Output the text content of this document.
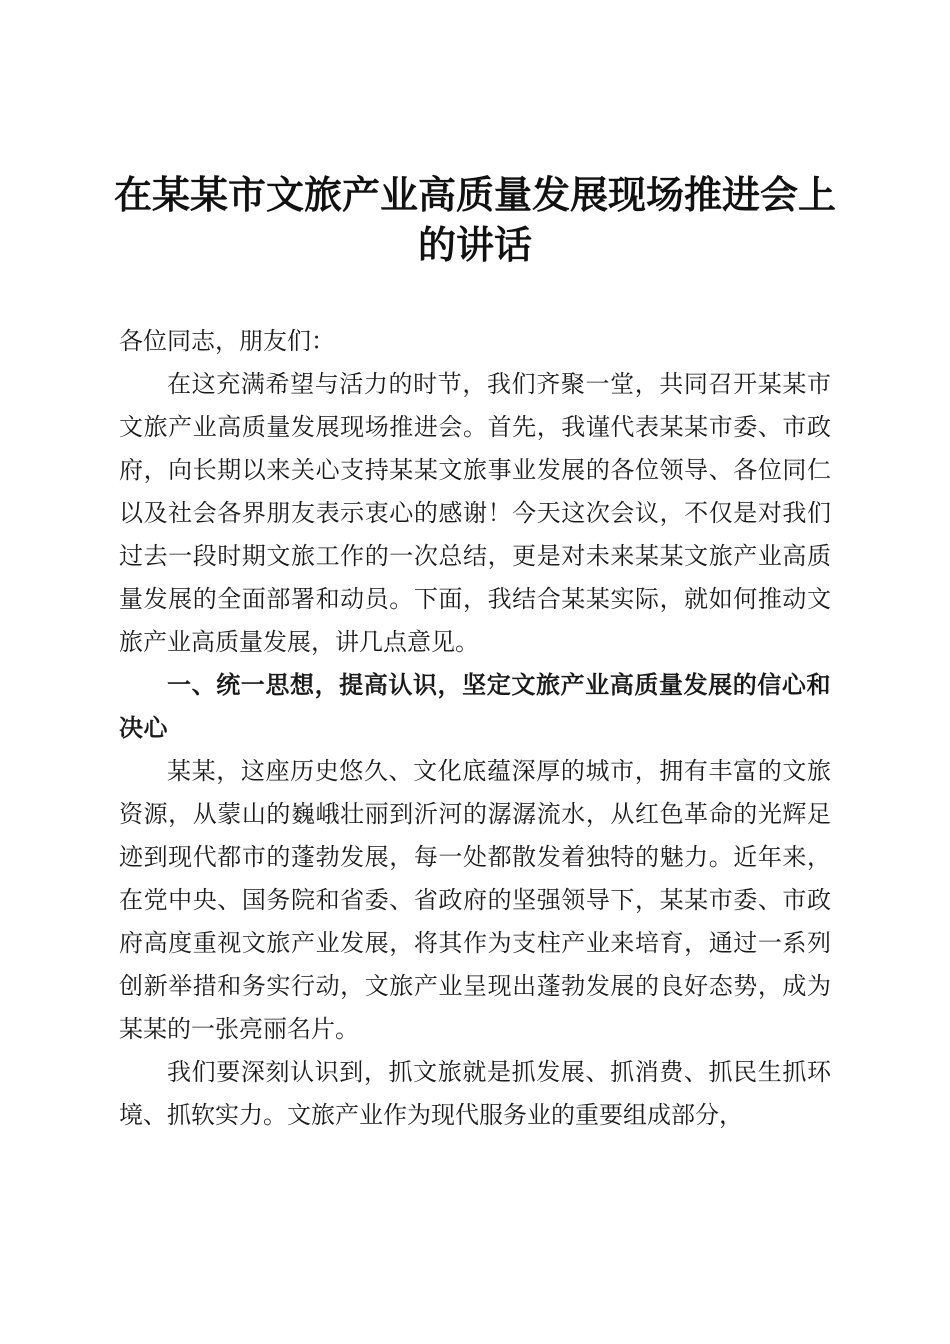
在某某市文旅产业高质量发展现场推进会上的讲话

各位同志，朋友们：

在这充满希望与活力的时节，我们齐聚一堂，共同召开某某市文旅产业高质量发展现场推进会。首先，我谨代表某某市委、市政府，向长期以来关心支持某某文旅事业发展的各位领导、各位同仁以及社会各界朋友表示衷心的感谢！今天这次会议，不仅是对我们过去一段时期文旅工作的一次总结，更是对未来某某文旅产业高质量发展的全面部署和动员。下面，我结合某某实际，就如何推动文旅产业高质量发展，讲几点意见。

一、统一思想，提高认识，坚定文旅产业高质量发展的信心和决心

某某，这座历史悠久、文化底蕴深厚的城市，拥有丰富的文旅资源，从蒙山的巍峨壮丽到沂河的潺潺流水，从红色革命的光辉足迹到现代都市的蓬勃发展，每一处都散发着独特的魅力。近年来，在党中央、国务院和省委、省政府的坚强领导下，某某市委、市政府高度重视文旅产业发展，将其作为支柱产业来培育，通过一系列创新举措和务实行动，文旅产业呈现出蓬勃发展的良好态势，成为某某的一张亮丽名片。

我们要深刻认识到，抓文旅就是抓发展、抓消费、抓民生抓环境、抓软实力。文旅产业作为现代服务业的重要组成部分，
